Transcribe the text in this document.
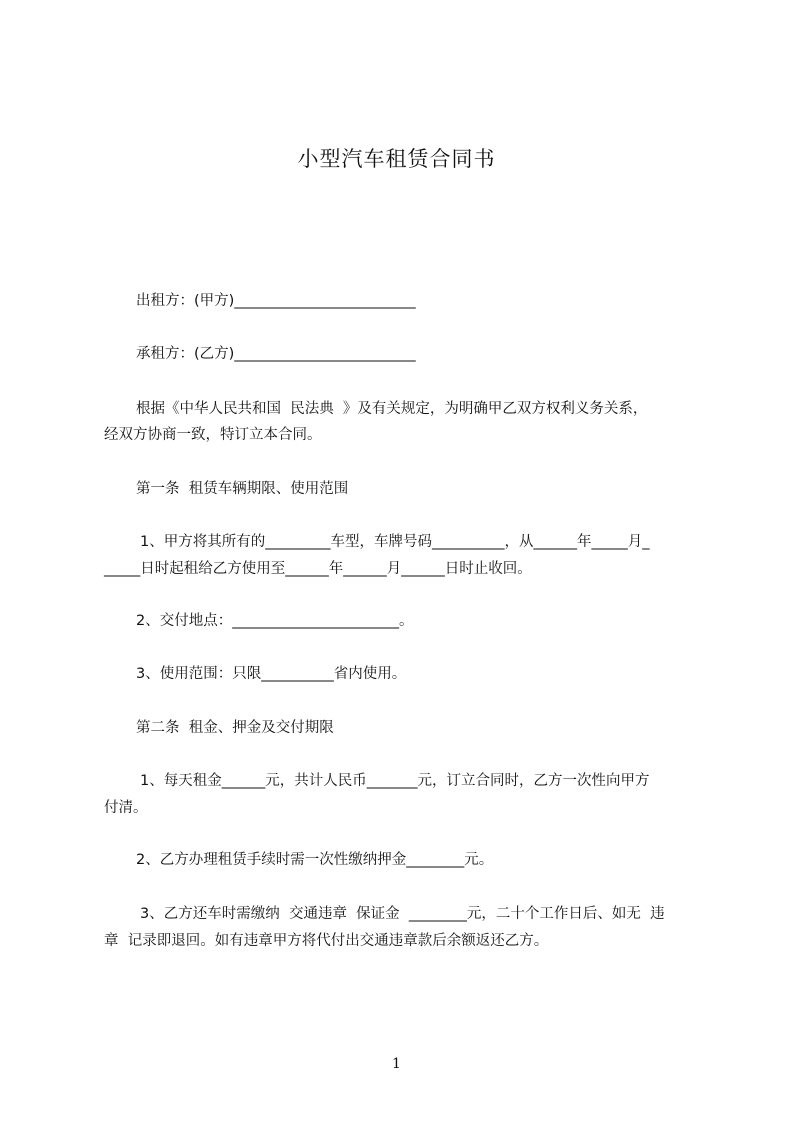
小型汽车租赁合同书
出租方：(甲方)_________________________
承租方：(乙方)_________________________
根据《中华人民共和国  民法典  》及有关规定，为明确甲乙双方权利义务关系，
经双方协商一致，特订立本合同。
第一条  租赁车辆期限、使用范围
1、甲方将其所有的_________车型，车牌号码__________，从______年_____月_
_____日时起租给乙方使用至______年______月______日时止收回。
2、交付地点：_______________________。
3、使用范围：只限__________省内使用。
第二条  租金、押金及交付期限
1、每天租金______元，共计人民币_______元，订立合同时，乙方一次性向甲方
付清。
2、乙方办理租赁手续时需一次性缴纳押金________元。
3、乙方还车时需缴纳  交通违章  保证金  ________元，二十个工作日后、如无  违
章  记录即退回。如有违章甲方将代付出交通违章款后余额返还乙方。
1
